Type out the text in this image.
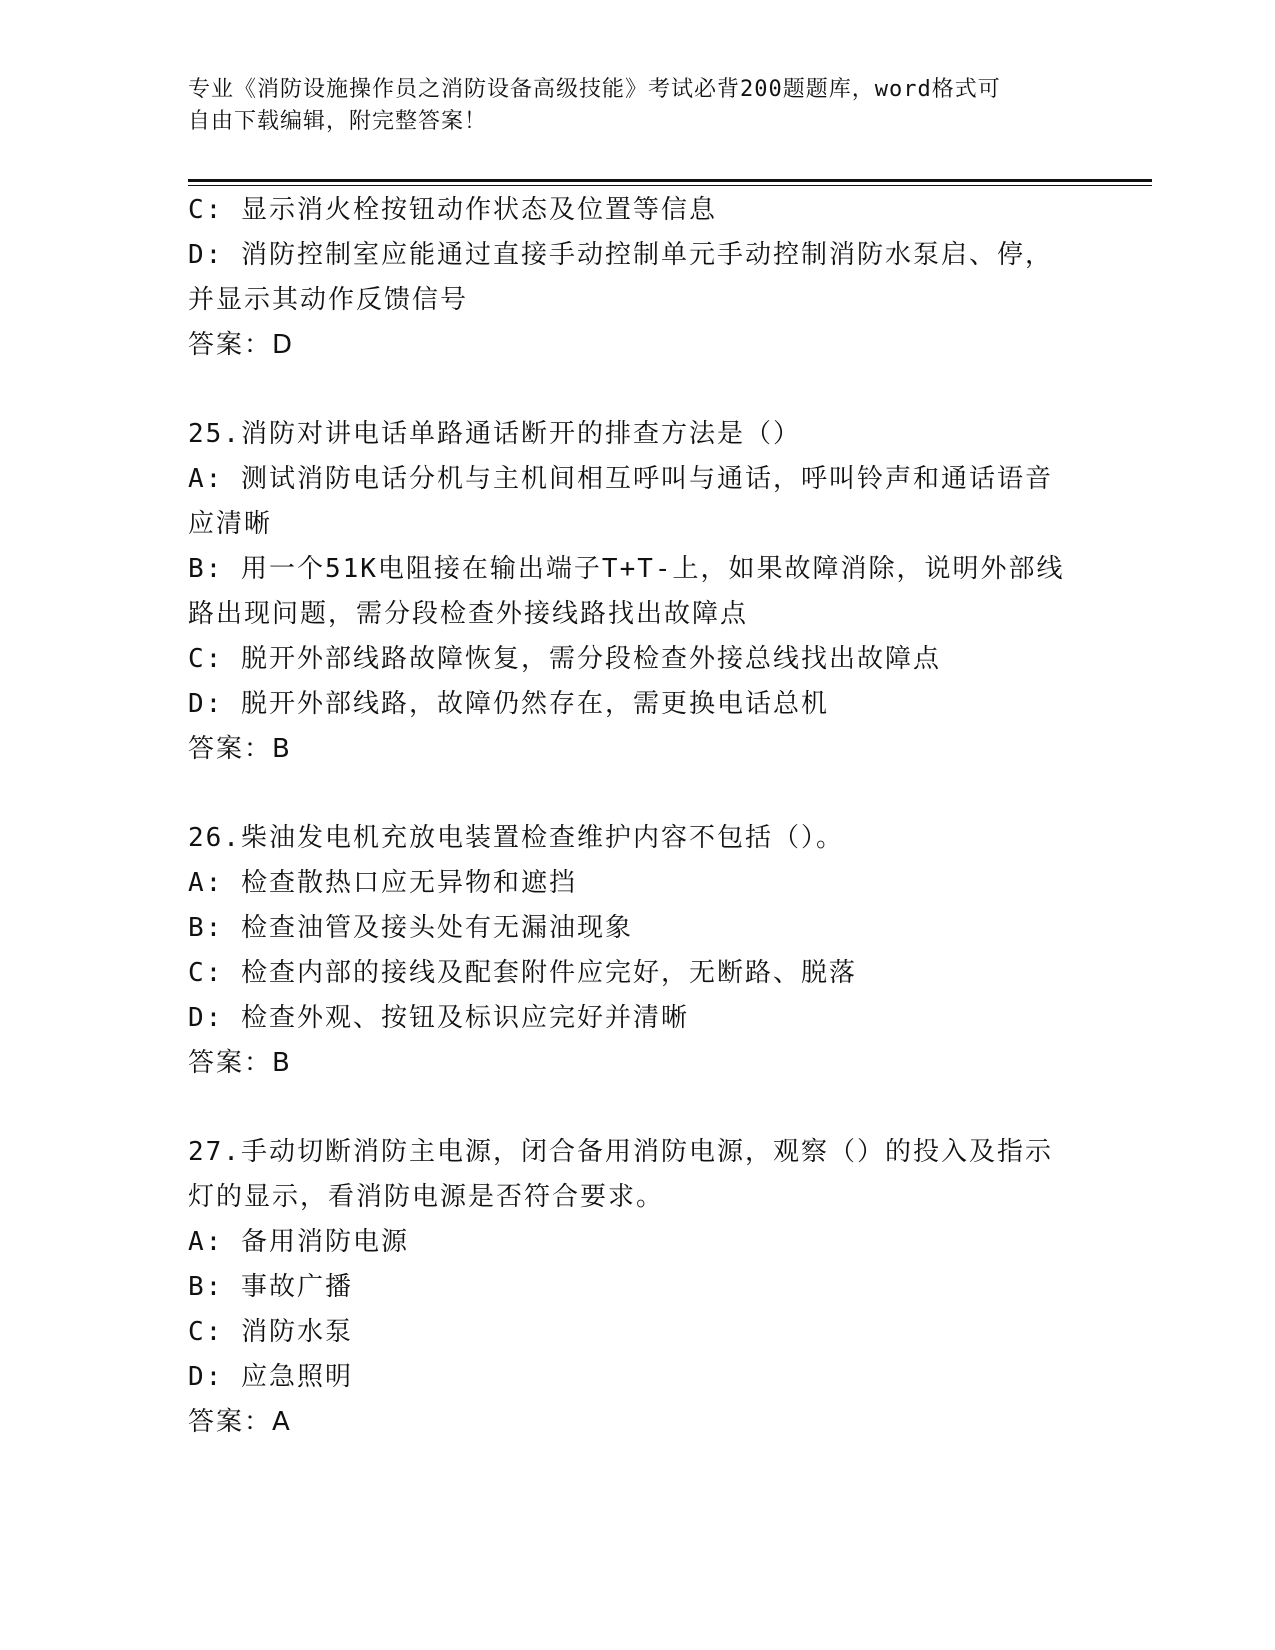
专业《消防设施操作员之消防设备高级技能》考试必背200题题库，word格式可
自由下载编辑，附完整答案！
C: 显示消火栓按钮动作状态及位置等信息
D: 消防控制室应能通过直接手动控制单元手动控制消防水泵启、停，
并显示其动作反馈信号
答案：D
25.消防对讲电话单路通话断开的排查方法是（）
A: 测试消防电话分机与主机间相互呼叫与通话，呼叫铃声和通话语音
应清晰
B: 用一个51K电阻接在输出端子T+T-上，如果故障消除，说明外部线
路出现问题，需分段检查外接线路找出故障点
C: 脱开外部线路故障恢复，需分段检查外接总线找出故障点
D: 脱开外部线路，故障仍然存在，需更换电话总机
答案：B
26.柴油发电机充放电装置检查维护内容不包括（）。
A: 检查散热口应无异物和遮挡
B: 检查油管及接头处有无漏油现象
C: 检查内部的接线及配套附件应完好，无断路、脱落
D: 检查外观、按钮及标识应完好并清晰
答案：B
27.手动切断消防主电源，闭合备用消防电源，观察（）的投入及指示
灯的显示，看消防电源是否符合要求。
A: 备用消防电源
B: 事故广播
C: 消防水泵
D: 应急照明
答案：A
